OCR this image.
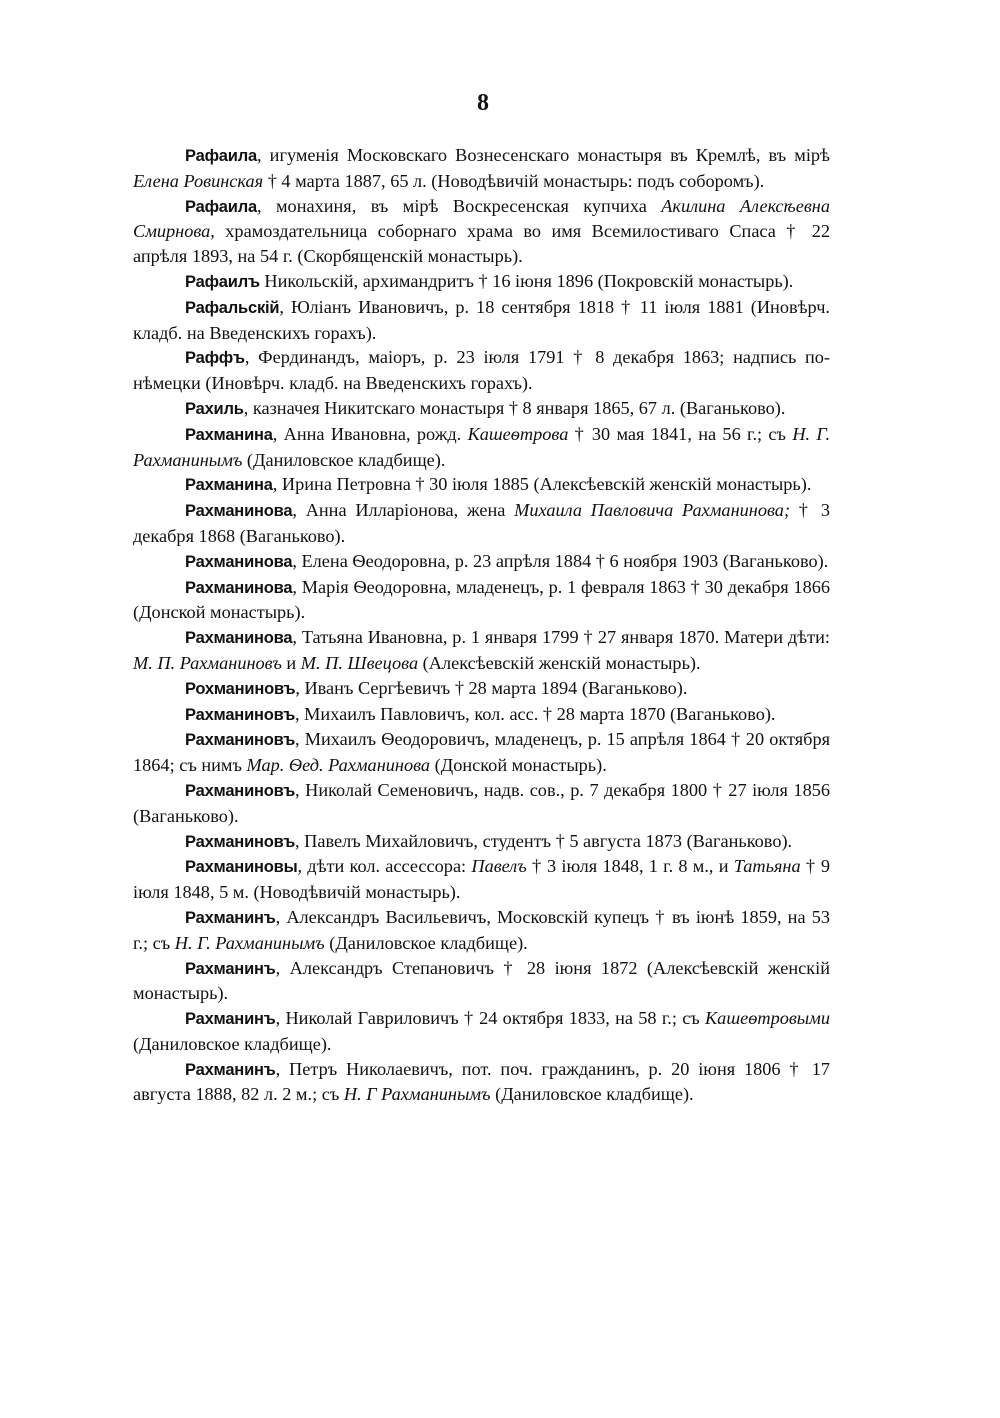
8

Рафаила, игуменія Московскаго Вознесенскаго монастыря въ Кремлѣ, въ мірѣ Елена Ровинская † 4 марта 1887, 65 л. (Новодѣвичій монастырь: подъ соборомъ).

Рафаила, монахиня, въ мірѣ Воскресенская купчиха Акилина Алексѣевна Смирнова, храмоздательница соборнаго храма во имя Всемилостиваго Спаса † 22 апрѣля 1893, на 54 г. (Скорбященскій монастырь).

Рафаилъ Никольскій, архимандритъ † 16 іюня 1896 (Покровскій монастырь).

Рафальскій, Юліанъ Ивановичъ, р. 18 сентября 1818 † 11 іюля 1881 (Иновѣрч. кладб. на Введенскихъ горахъ).

Раффъ, Фердинандъ, маіоръ, р. 23 іюля 1791 † 8 декабря 1863; надпись по-нѣмецки (Иновѣрч. кладб. на Введенскихъ горахъ).

Рахиль, казначея Никитскаго монастыря † 8 января 1865, 67 л. (Ваганьково).

Рахманина, Анна Ивановна, рожд. Кашеѳтрова † 30 мая 1841, на 56 г.; съ Н. Г. Рахманинымъ (Даниловское кладбище).

Рахманина, Ирина Петровна † 30 іюля 1885 (Алексѣевскій женскій монастырь).

Рахманинова, Анна Илларіонова, жена Михаила Павловича Рахманинова; † 3 декабря 1868 (Ваганьково).

Рахманинова, Елена Ѳеодоровна, р. 23 апрѣля 1884 † 6 ноября 1903 (Ваганьково).

Рахманинова, Марія Ѳеодоровна, младенецъ, р. 1 февраля 1863 † 30 декабря 1866 (Донской монастырь).

Рахманинова, Татьяна Ивановна, р. 1 января 1799 † 27 января 1870. Матери дѣти: М. П. Рахманиновъ и М. П. Швецова (Алексѣевскій женскій монастырь).

Рохманиновъ, Иванъ Сергѣевичъ † 28 марта 1894 (Ваганьково).

Рахманиновъ, Михаилъ Павловичъ, кол. асс. † 28 марта 1870 (Ваганьково).

Рахманиновъ, Михаилъ Ѳеодоровичъ, младенецъ, р. 15 апрѣля 1864 † 20 октября 1864; съ нимъ Мар. Ѳед. Рахманинова (Донской монастырь).

Рахманиновъ, Николай Семеновичъ, надв. сов., р. 7 декабря 1800 † 27 іюля 1856 (Ваганьково).

Рахманиновъ, Павелъ Михайловичъ, студентъ † 5 августа 1873 (Ваганьково).

Рахманиновы, дѣти кол. ассессора: Павелъ † 3 іюля 1848, 1 г. 8 м., и Татьяна † 9 іюля 1848, 5 м. (Новодѣвичій монастырь).

Рахманинъ, Александръ Васильевичъ, Московскій купецъ † въ іюнѣ 1859, на 53 г.; съ Н. Г. Рахманинымъ (Даниловское кладбище).

Рахманинъ, Александръ Степановичъ † 28 іюня 1872 (Алексѣевскій женскій монастырь).

Рахманинъ, Николай Гавриловичъ † 24 октября 1833, на 58 г.; съ Кашеѳтровыми (Даниловское кладбище).

Рахманинъ, Петръ Николаевичъ, пот. поч. гражданинъ, р. 20 іюня 1806 † 17 августа 1888, 82 л. 2 м.; съ Н. Г Рахманинымъ (Даниловское кладбище).
